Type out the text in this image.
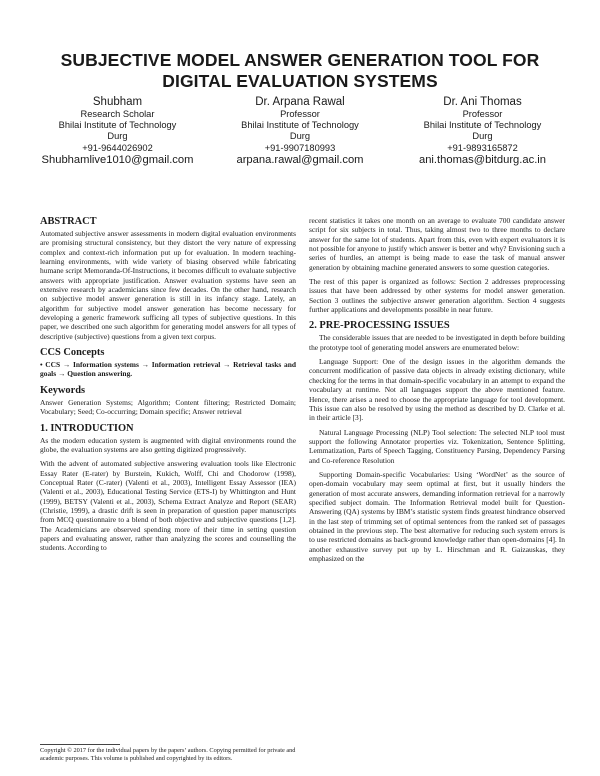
SUBJECTIVE MODEL ANSWER GENERATION TOOL FOR
DIGITAL EVALUATION SYSTEMS
Shubham
Research Scholar
Bhilai Institute of Technology
Durg
+91-9644026902
Shubhamlive1010@gmail.com
Dr. Arpana Rawal
Professor
Bhilai Institute of Technology
Durg
+91-9907180993
arpana.rawal@gmail.com
Dr. Ani Thomas
Professor
Bhilai Institute of Technology
Durg
+91-9893165872
ani.thomas@bitdurg.ac.in
ABSTRACT

Automated subjective answer assessments in modern digital evaluation environments are promising structural consistency, but they distort the very nature of expressing complex and context-rich information put up for evaluation. In modern teaching-learning environments, with wide variety of biasing observed while fabricating humane script Memoranda-Of-Instructions, it becomes difficult to evaluate subjective answers with appropriate justification. Answer evaluation systems have seen an extensive research by academicians since few decades. On the other hand, research on subjective model answer generation is still in its infancy stage. Lately, an algorithm for subjective model answer generation has become necessary for developing a generic framework sufficing all types of subjective questions. In this paper, we described one such algorithm for generating model answers for all types of descriptive (subjective) questions from a given text corpus.

CCS Concepts

• CCS → Information systems → Information retrieval → Retrieval tasks and goals → Question answering.

Keywords

Answer Generation Systems; Algorithm; Content filtering; Restricted Domain; Vocabulary; Seed; Co-occurring; Domain specific; Answer retrieval

1. INTRODUCTION

As the modern education system is augmented with digital environments round the globe, the evaluation systems are also getting digitized progressively.

With the advent of automated subjective answering evaluation tools like Electronic Essay Rater (E-rater) by Burstein, Kukich, Wolff, Chi and Chodorow (1998), Conceptual Rater (C-rater) (Valenti et al., 2003), Intelligent Essay Assessor (IEA) (Valenti et al., 2003), Educational Testing Service (ETS-I) by Whittington and Hunt (1999), BETSY (Valenti et al., 2003), Schema Extract Analyze and Report (SEAR) (Christie, 1999), a drastic drift is seen in preparation of question paper manuscripts from MCQ questionnaire to a blend of both objective and subjective questions [1,2]. The Academicians are observed spending more of their time in setting question papers and evaluating answer, rather than analyzing the scores and counselling the students. According to

Copyright © 2017 for the individual papers by the papers’ authors. Copying permitted for private and academic purposes. This volume is published and copyrighted by its editors.

recent statistics it takes one month on an average to evaluate 700 candidate answer script for six subjects in total. Thus, taking almost two to three months to declare answer for the same lot of students. Apart from this, even with expert evaluators it is not possible for anyone to justify which answer is better and why? Envisioning such a series of hurdles, an attempt is being made to ease the task of manual answer generation by obtaining machine generated answers to some question categories.

The rest of this paper is organized as follows: Section 2 addresses preprocessing issues that have been addressed by other systems for model answer generation. Section 3 outlines the subjective answer generation algorithm. Section 4 suggests further applications and developments possible in near future.

2. PRE-PROCESSING ISSUES

The considerable issues that are needed to be investigated in depth before building the prototype tool of generating model answers are enumerated below:

Language Support: One of the design issues in the algorithm demands the concurrent modification of passive data objects in already existing dictionary, while checking for the terms in that domain-specific vocabulary in an attempt to expand the vocabulary at runtime. Not all languages support the above mentioned feature. Hence, there arises a need to choose the appropriate language for tool development. This issue can also be resolved by using the method as described by D. Clarke et al. in their article [3].

Natural Language Processing (NLP) Tool selection: The selected NLP tool must support the following Annotator properties viz. Tokenization, Sentence Splitting, Lemmatization, Parts of Speech Tagging, Constituency Parsing, Dependency Parsing and Co-reference Resolution

Supporting Domain-specific Vocabularies: Using ‘WordNet’ as the source of open-domain vocabulary may seem optimal at first, but it usually hinders the generation of most accurate answers, demanding information retrieval for a narrowly specified subject domain. The Information Retrieval model built for Question-Answering (QA) systems by IBM’s statistic system finds greatest hindrance observed in the last step of trimming set of optimal sentences from the ranked set of passages obtained in the previous step. The best alternative for reducing such system errors is to use restricted domains as back-ground knowledge rather than open-domains [4]. In another exhaustive survey put up by L. Hirschman and R. Gaizauskas, they emphasized on the
